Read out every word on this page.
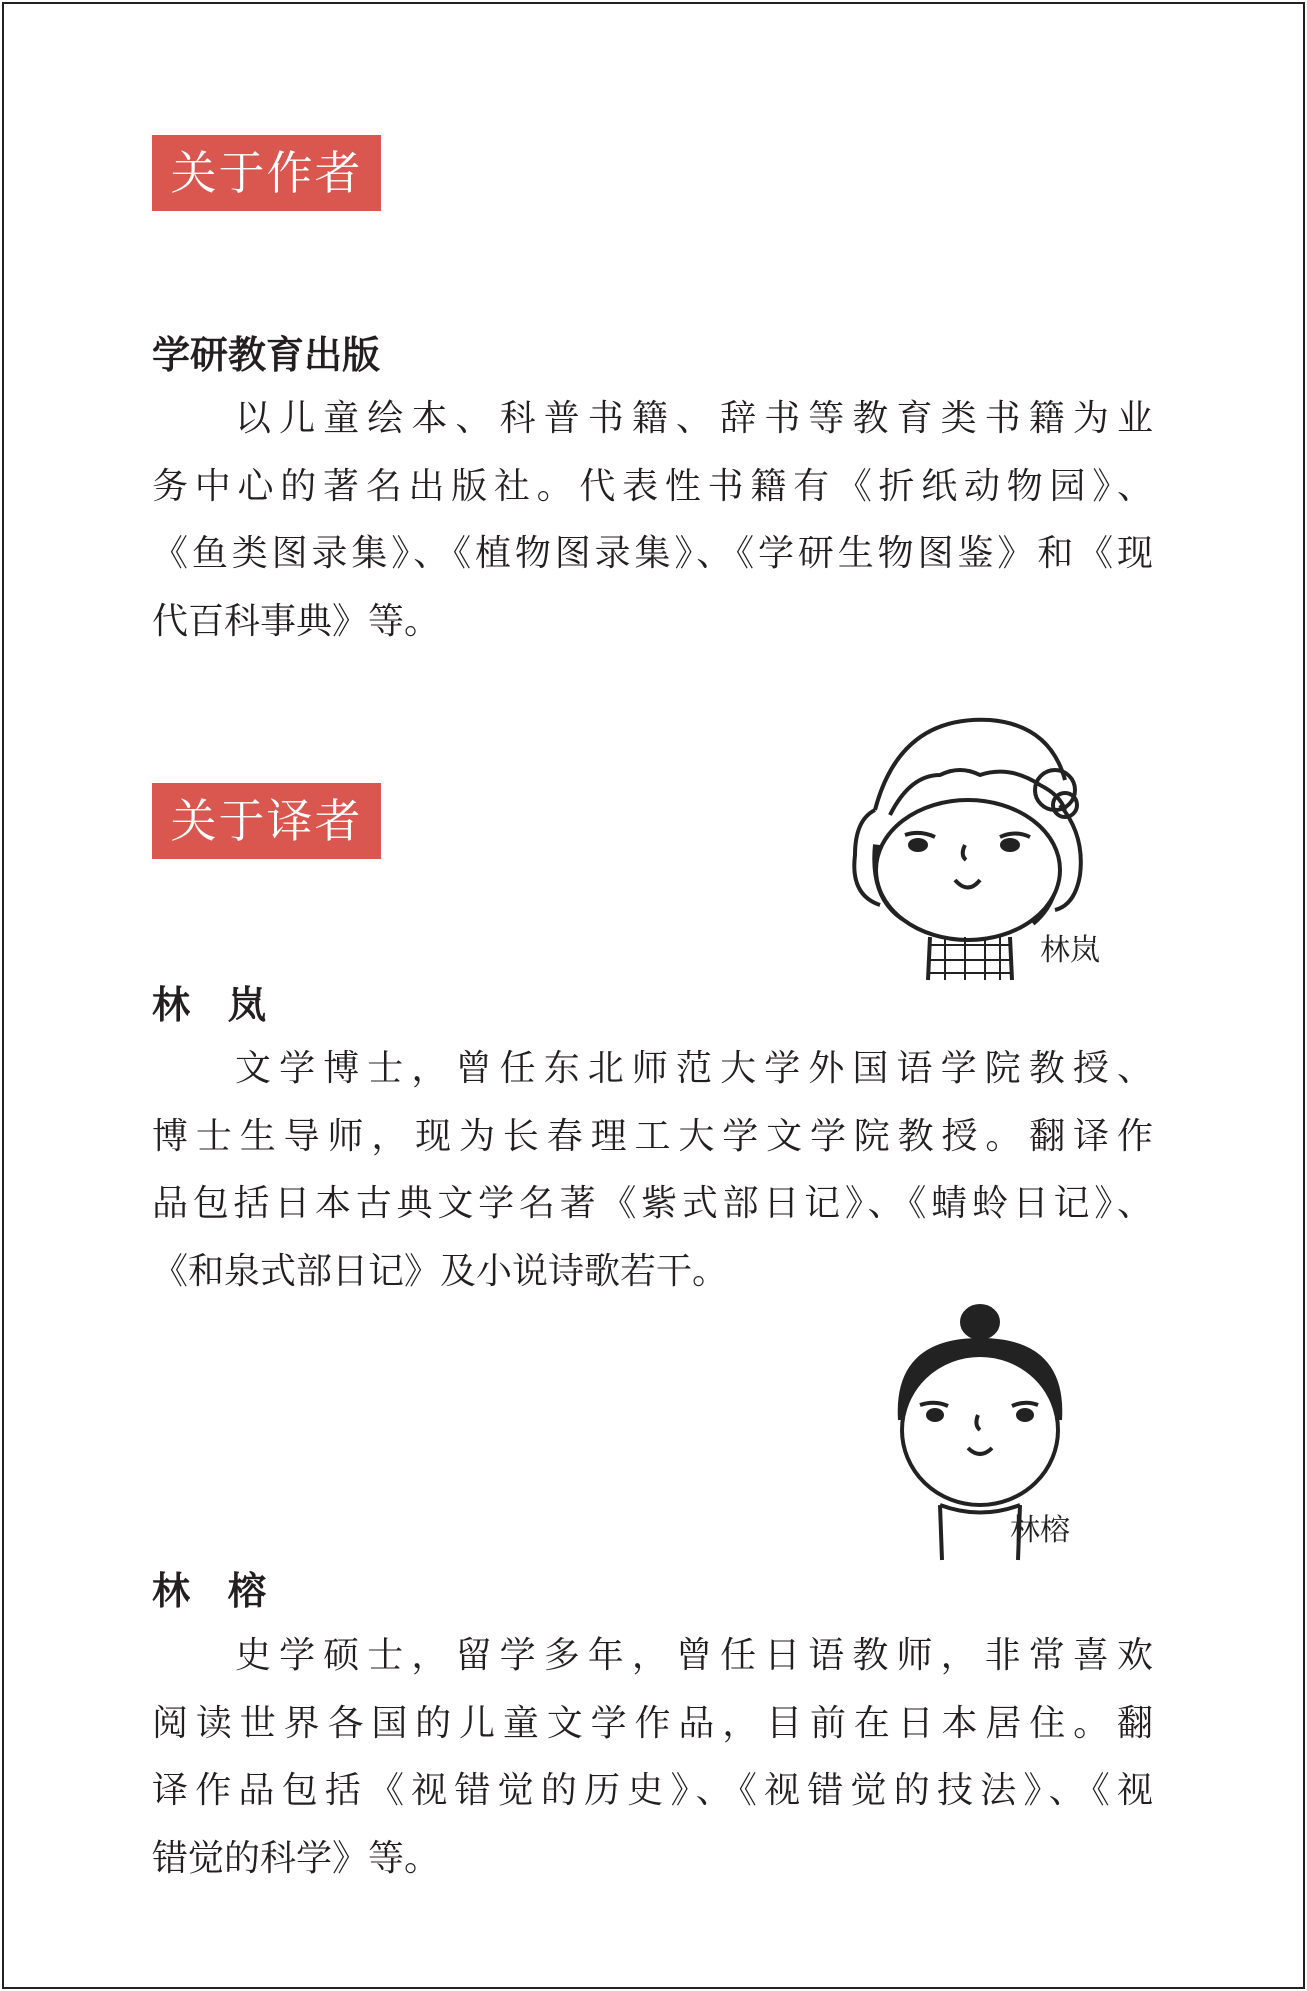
关于作者
学研教育出版
以儿童绘本、科普书籍、辞书等教育类书籍为业
务中心的著名出版社。代表性书籍有《折纸动物园》、
《鱼类图录集》、《植物图录集》、《学研生物图鉴》和《现
代百科事典》等。
关于译者
林岚
林　岚
文学博士，曾任东北师范大学外国语学院教授、
博士生导师，现为长春理工大学文学院教授。翻译作
品包括日本古典文学名著《紫式部日记》、《蜻蛉日记》、
《和泉式部日记》及小说诗歌若干。
林榕
林　榕
史学硕士，留学多年，曾任日语教师，非常喜欢
阅读世界各国的儿童文学作品，目前在日本居住。翻
译作品包括《视错觉的历史》、《视错觉的技法》、《视
错觉的科学》等。
